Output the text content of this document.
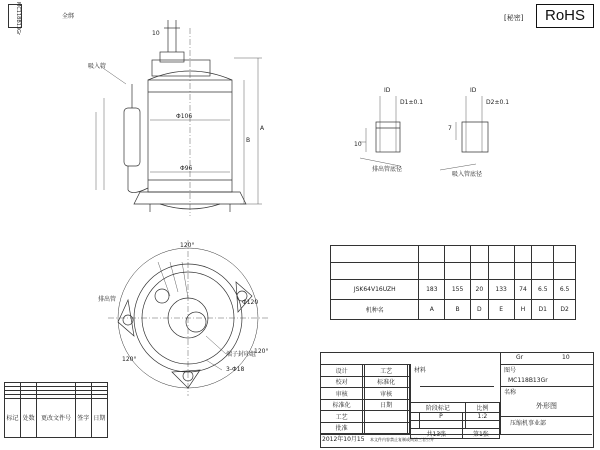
MC118B13Gr	全绑	[秘密]	RoHS
10
吸入管
Φ106
Φ96
B
A
ID
D1±0.1
10
排出管底径
ID
D2±0.1
7
吸入管底径
120°
120°
120°
Φ120
3-Φ18
端子封印组
排出管

JSK64V16UZH	183	155	20	133	74	6.5	6.5
机种名	A	B	D	E	H	D1	D2
Gr	10
图号
MC118B13Gr
名称
外形图
压缩机事业部
材料
阶段标记			比例
	P		1:2

共13张		第1张	
设计		工艺	
校对		标准化	
审核		审核	
标准化		日期	
工艺			
批准			
2012年10月15 本文件内容禁止复制或向第三者公开

标记	处数	更改文件号	签字	日期
